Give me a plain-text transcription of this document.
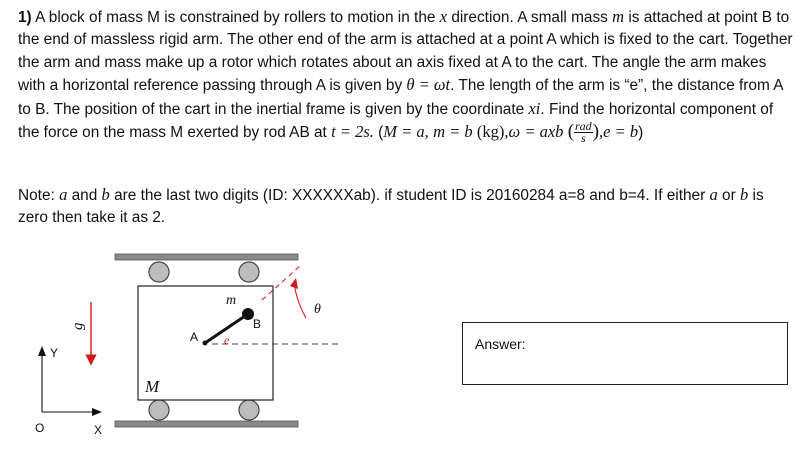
1) A block of mass M is constrained by rollers to motion in the x direction. A small mass m is attached at point B to the end of massless rigid arm. The other end of the arm is attached at a point A which is fixed to the cart. Together the arm and mass make up a rotor which rotates about an axis fixed at A to the cart. The angle the arm makes with a horizontal reference passing through A is given by θ = ωt. The length of the arm is “e”, the distance from A to B. The position of the cart in the inertial frame is given by the coordinate xi. Find the horizontal component of the force on the mass M exerted by rod AB at t = 2s. (M = a, m = b (kg),ω = axb ( $\frac{\text{rad}}{s} ),e = b$)

Note: a and b are the last two digits (ID: XXXXXXab). if student ID is 20160284 a=8 and b=4. If either a or b is zero then take it as 2.

m
B
A e
θ
g
M
Y
X
O
Answer:
